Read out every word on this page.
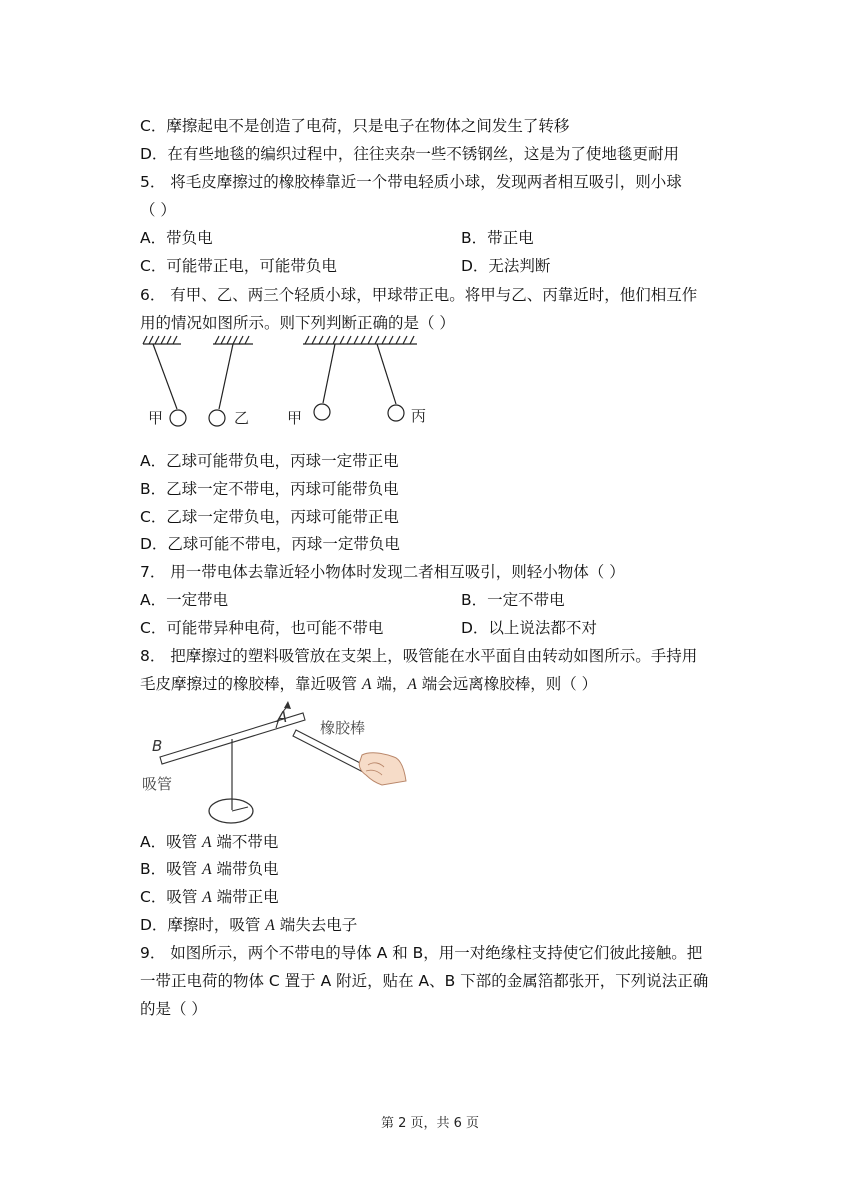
C．摩擦起电不是创造了电荷，只是电子在物体之间发生了转移
D．在有些地毯的编织过程中，往往夹杂一些不锈钢丝，这是为了使地毯更耐用
5． 将毛皮摩擦过的橡胶棒靠近一个带电轻质小球，发现两者相互吸引，则小球
（ ）
A．带负电	B．带正电
C．可能带正电，可能带负电	D．无法判断
6． 有甲、乙、两三个轻质小球，甲球带正电。将甲与乙、丙靠近时，他们相互作
用的情况如图所示。则下列判断正确的是（ ）
甲	乙	甲	丙
A．乙球可能带负电，丙球一定带正电
B．乙球一定不带电，丙球可能带负电
C．乙球一定带负电，丙球可能带正电
D．乙球可能不带电，丙球一定带负电
7． 用一带电体去靠近轻小物体时发现二者相互吸引，则轻小物体（ ）
A．一定带电	B．一定不带电
C．可能带异种电荷，也可能不带电	D．以上说法都不对
8． 把摩擦过的塑料吸管放在支架上，吸管能在水平面自由转动如图所示。手持用
毛皮摩擦过的橡胶棒，靠近吸管 A 端，A 端会远离橡胶棒，则（ ）
B
A
橡胶棒
吸管
A．吸管 A 端不带电
B．吸管 A 端带负电
C．吸管 A 端带正电
D．摩擦时，吸管 A 端失去电子
9． 如图所示，两个不带电的导体 A 和 B，用一对绝缘柱支持使它们彼此接触。把
一带正电荷的物体 C 置于 A 附近，贴在 A、B 下部的金属箔都张开，下列说法正确
的是（ ）
第 2 页，共 6 页
